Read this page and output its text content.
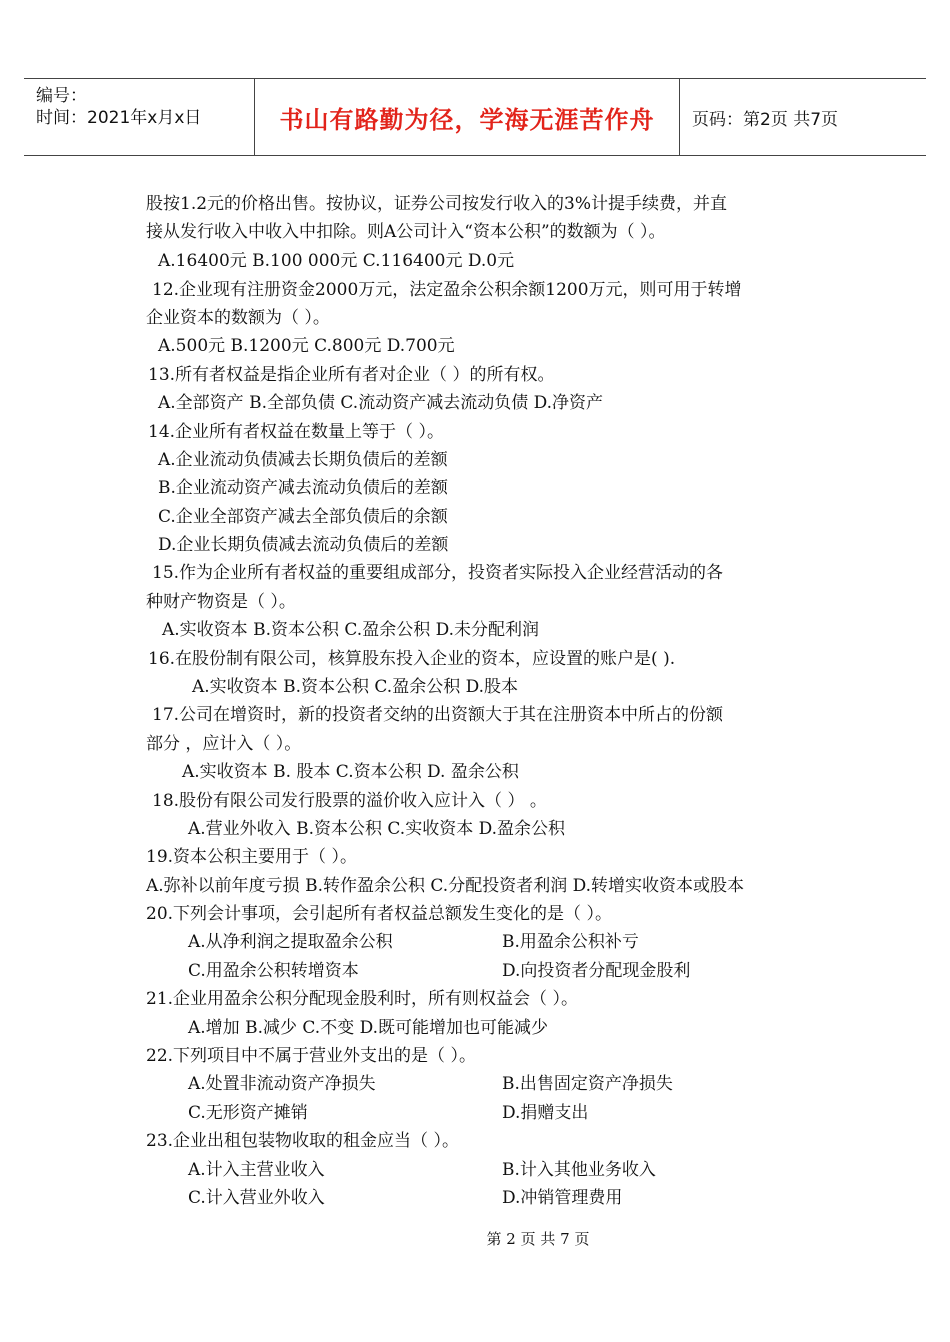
编号：
时间：2021年x月x日	书山有路勤为径，学海无涯苦作舟 页码：第2页 共7页
股按1.2元的价格出售。按协议，证券公司按发行收入的3%计提手续费，并直
接从发行收入中收入中扣除。则A公司计入“资本公积”的数额为（ ）。
A.16400元 B.100 000元 C.116400元 D.0元
12.企业现有注册资金2000万元，法定盈余公积余额1200万元，则可用于转增
企业资本的数额为（ ）。
A.500元 B.1200元 C.800元 D.700元
13.所有者权益是指企业所有者对企业（ ）的所有权。
A.全部资产 B.全部负债 C.流动资产减去流动负债 D.净资产
14.企业所有者权益在数量上等于（ ）。
A.企业流动负债减去长期负债后的差额
B.企业流动资产减去流动负债后的差额
C.企业全部资产减去全部负债后的余额
D.企业长期负债减去流动负债后的差额
15.作为企业所有者权益的重要组成部分，投资者实际投入企业经营活动的各
种财产物资是（ ）。
A.实收资本 B.资本公积 C.盈余公积 D.未分配利润
16.在股份制有限公司，核算股东投入企业的资本，应设置的账户是( ).
A.实收资本 B.资本公积 C.盈余公积 D.股本
17.公司在增资时，新的投资者交纳的出资额大于其在注册资本中所占的份额
部分 ，应计入（ ）。
A.实收资本 B. 股本 C.资本公积 D. 盈余公积
18.股份有限公司发行股票的溢价收入应计入（ ） 。
A.营业外收入 B.资本公积 C.实收资本 D.盈余公积
19.资本公积主要用于（ ）。
A.弥补以前年度亏损 B.转作盈余公积 C.分配投资者利润 D.转增实收资本或股本
20.下列会计事项，会引起所有者权益总额发生变化的是（ ）。
A.从净利润之提取盈余公积	B.用盈余公积补亏
C.用盈余公积转增资本	D.向投资者分配现金股利
21.企业用盈余公积分配现金股利时，所有则权益会（ ）。
A.增加 B.减少 C.不变 D.既可能增加也可能减少
22.下列项目中不属于营业外支出的是（ ）。
A.处置非流动资产净损失	B.出售固定资产净损失
C.无形资产摊销	D.捐赠支出
23.企业出租包装物收取的租金应当（ ）。
A.计入主营业收入	B.计入其他业务收入
C.计入营业外收入	D.冲销管理费用
第 2 页 共 7 页
